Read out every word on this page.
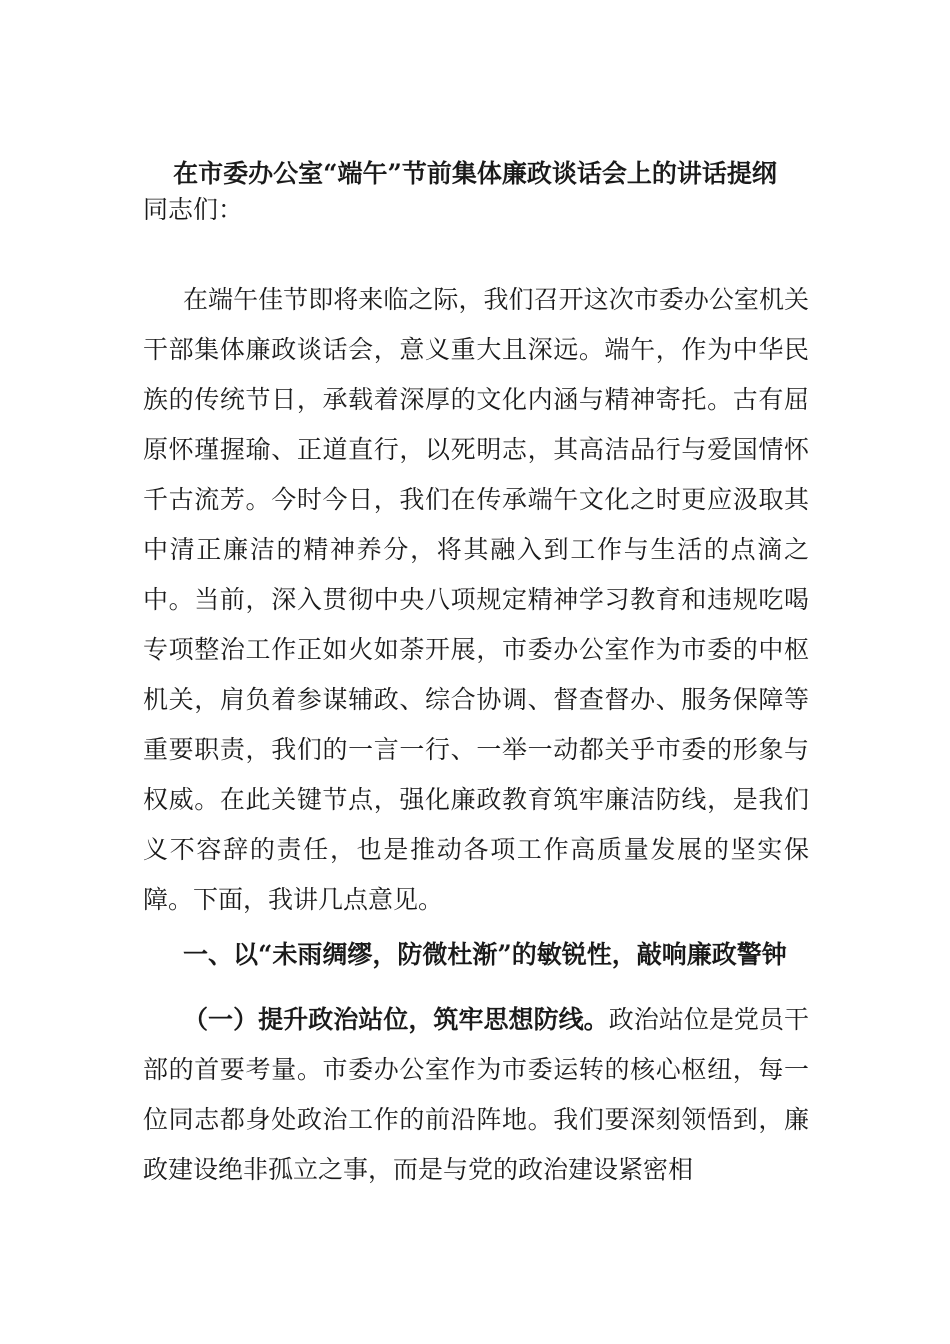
在市委办公室“端午”节前集体廉政谈话会上的讲话提纲

同志们：

在端午佳节即将来临之际，我们召开这次市委办公室机关干部集体廉政谈话会，意义重大且深远。端午，作为中华民族的传统节日，承载着深厚的文化内涵与精神寄托。古有屈原怀瑾握瑜、正道直行，以死明志，其高洁品行与爱国情怀千古流芳。今时今日，我们在传承端午文化之时更应汲取其中清正廉洁的精神养分，将其融入到工作与生活的点滴之中。当前，深入贯彻中央八项规定精神学习教育和违规吃喝专项整治工作正如火如荼开展，市委办公室作为市委的中枢机关，肩负着参谋辅政、综合协调、督查督办、服务保障等重要职责，我们的一言一行、一举一动都关乎市委的形象与权威。在此关键节点，强化廉政教育筑牢廉洁防线，是我们义不容辞的责任，也是推动各项工作高质量发展的坚实保障。下面，我讲几点意见。

一、以“未雨绸缪，防微杜渐”的敏锐性，敲响廉政警钟

（一）提升政治站位，筑牢思想防线。政治站位是党员干部的首要考量。市委办公室作为市委运转的核心枢纽，每一位同志都身处政治工作的前沿阵地。我们要深刻领悟到，廉政建设绝非孤立之事，而是与党的政治建设紧密相
